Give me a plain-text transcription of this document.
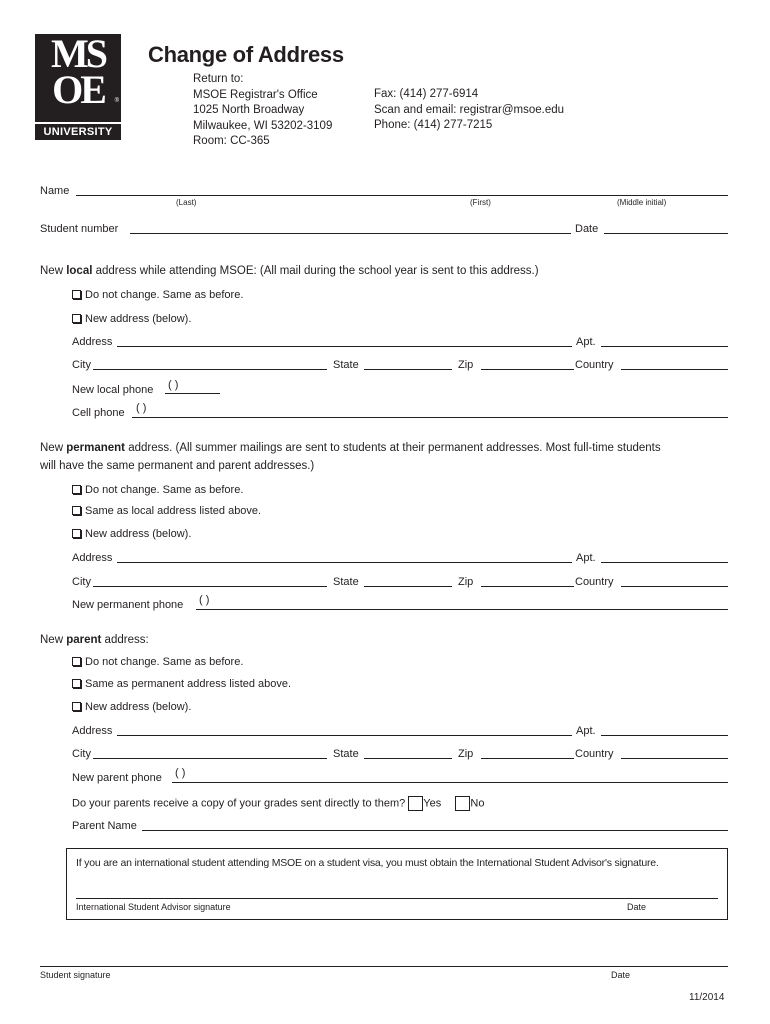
MS
OE	®
UNIVERSITY
Change of Address
Return to:
MSOE Registrar's Office
1025 North Broadway
Milwaukee, WI 53202-3109
Room: CC-365
Fax: (414) 277-6914
Scan and email: registrar@msoe.edu
Phone: (414) 277-7215
Name
(Last)	(First)	(Middle initial)
Student number	Date
New local address while attending MSOE: (All mail during the school year is sent to this address.)
Do not change. Same as before.
New address (below).
Address	Apt.
City	State	Zip	Country
New local phone ( )
Cell phone ( )
New permanent address. (All summer mailings are sent to students at their permanent addresses. Most full-time students
will have the same permanent and parent addresses.)
Do not change. Same as before.
Same as local address listed above.
New address (below).
Address	Apt.
City	State	Zip	Country
New permanent phone ( )
New parent address:
Do not change. Same as before.
Same as permanent address listed above.
New address (below).
Address	Apt.
City	State	Zip	Country
New parent phone ( )
Do your parents receive a copy of your grades sent directly to them? Yes	No
Parent Name
If you are an international student attending MSOE on a student visa, you must obtain the International Student Advisor's signature.
International Student Advisor signature	Date
Student signature	Date
11/2014
